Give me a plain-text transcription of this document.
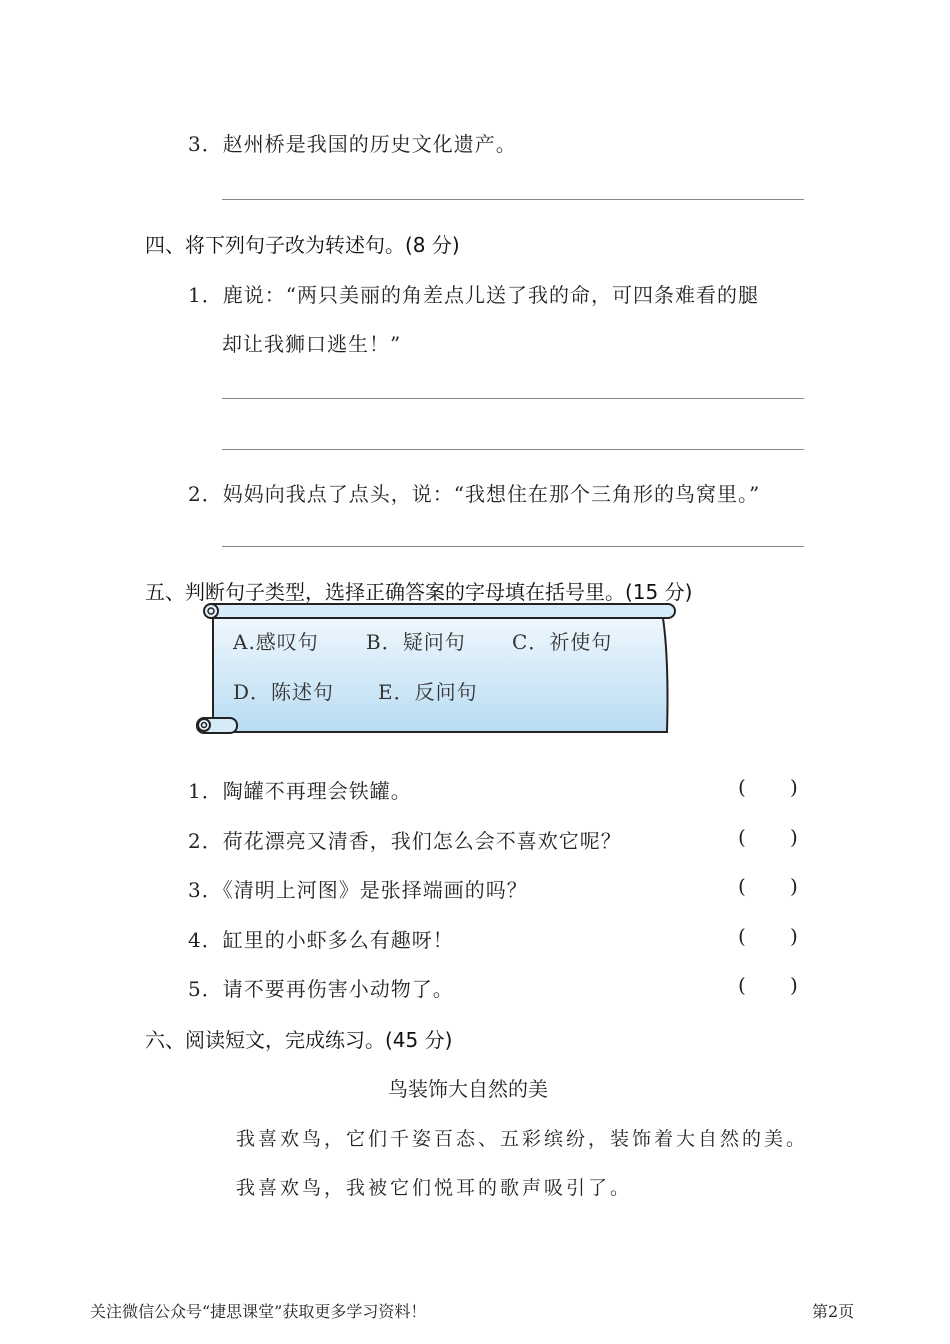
3．赵州桥是我国的历史文化遗产。
四、将下列句子改为转述句。(8 分)
1．鹿说：“两只美丽的角差点儿送了我的命，可四条难看的腿
却让我狮口逃生！”
2．妈妈向我点了点头，说：“我想住在那个三角形的鸟窝里。”
五、判断句子类型，选择正确答案的字母填在括号里。(15 分)
A.感叹句 B．疑问句 C．祈使句
D．陈述句 E．反问句
1．陶罐不再理会铁罐。	( )
2．荷花漂亮又清香，我们怎么会不喜欢它呢？	( )
3．《清明上河图》是张择端画的吗？	( )
4．缸里的小虾多么有趣呀！	( )
5．请不要再伤害小动物了。	( )
六、阅读短文，完成练习。(45 分)
鸟装饰大自然的美
我喜欢鸟，它们千姿百态、五彩缤纷，装饰着大自然的美。
我喜欢鸟，我被它们悦耳的歌声吸引了。
关注微信公众号“捷思课堂”获取更多学习资料！	第2页
